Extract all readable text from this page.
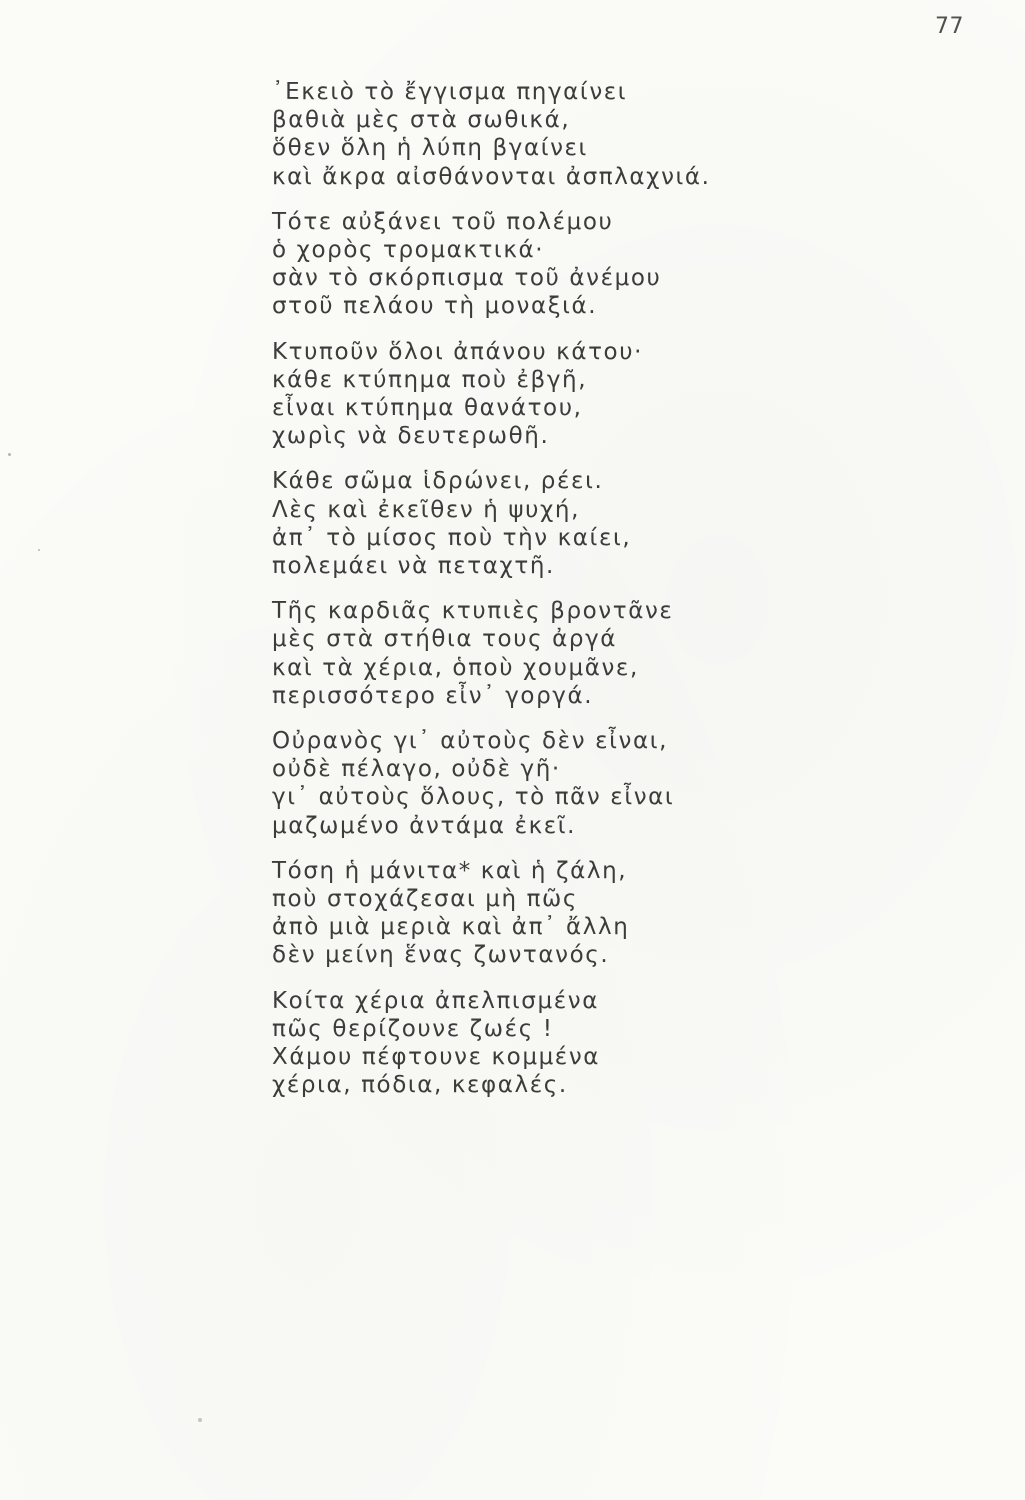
77
᾿Εκειὸ τὸ ἔγγισμα πηγαίνει
βαθιὰ μὲς στὰ σωθικά,
ὅθεν ὅλη ἡ λύπη βγαίνει
καὶ ἄκρα αἰσθάνονται ἀσπλαχνιά.
Τότε αὐξάνει τοῦ πολέμου
ὁ χορὸς τρομακτικά·
σὰν τὸ σκόρπισμα τοῦ ἀνέμου
στοῦ πελάου τὴ μοναξιά.
Κτυποῦν ὅλοι ἀπάνου κάτου·
κάθε κτύπημα ποὺ ἐβγῆ,
εἶναι κτύπημα θανάτου,
χωρὶς νὰ δευτερωθῆ.
Κάθε σῶμα ἱδρώνει, ρέει.
Λὲς καὶ ἐκεῖθεν ἡ ψυχή,
ἀπ᾿ τὸ μίσος ποὺ τὴν καίει,
πολεμάει νὰ πεταχτῆ.
Τῆς καρδιᾶς κτυπιὲς βροντᾶνε
μὲς στὰ στήθια τους ἀργά
καὶ τὰ χέρια, ὁποὺ χουμᾶνε,
περισσότερο εἶν᾿ γοργά.
Οὐρανὸς γι᾿ αὐτοὺς δὲν εἶναι,
οὐδὲ πέλαγο, οὐδὲ γῆ·
γι᾿ αὐτοὺς ὅλους, τὸ πᾶν εἶναι
μαζωμένο ἀντάμα ἐκεῖ.
Τόση ἡ μάνιτα* καὶ ἡ ζάλη,
ποὺ στοχάζεσαι μὴ πῶς
ἀπὸ μιὰ μεριὰ καὶ ἀπ᾿ ἄλλη
δὲν μείνη ἕνας ζωντανός.
Κοίτα χέρια ἀπελπισμένα
πῶς θερίζουνε ζωές !
Χάμου πέφτουνε κομμένα
χέρια, πόδια, κεφαλές.
